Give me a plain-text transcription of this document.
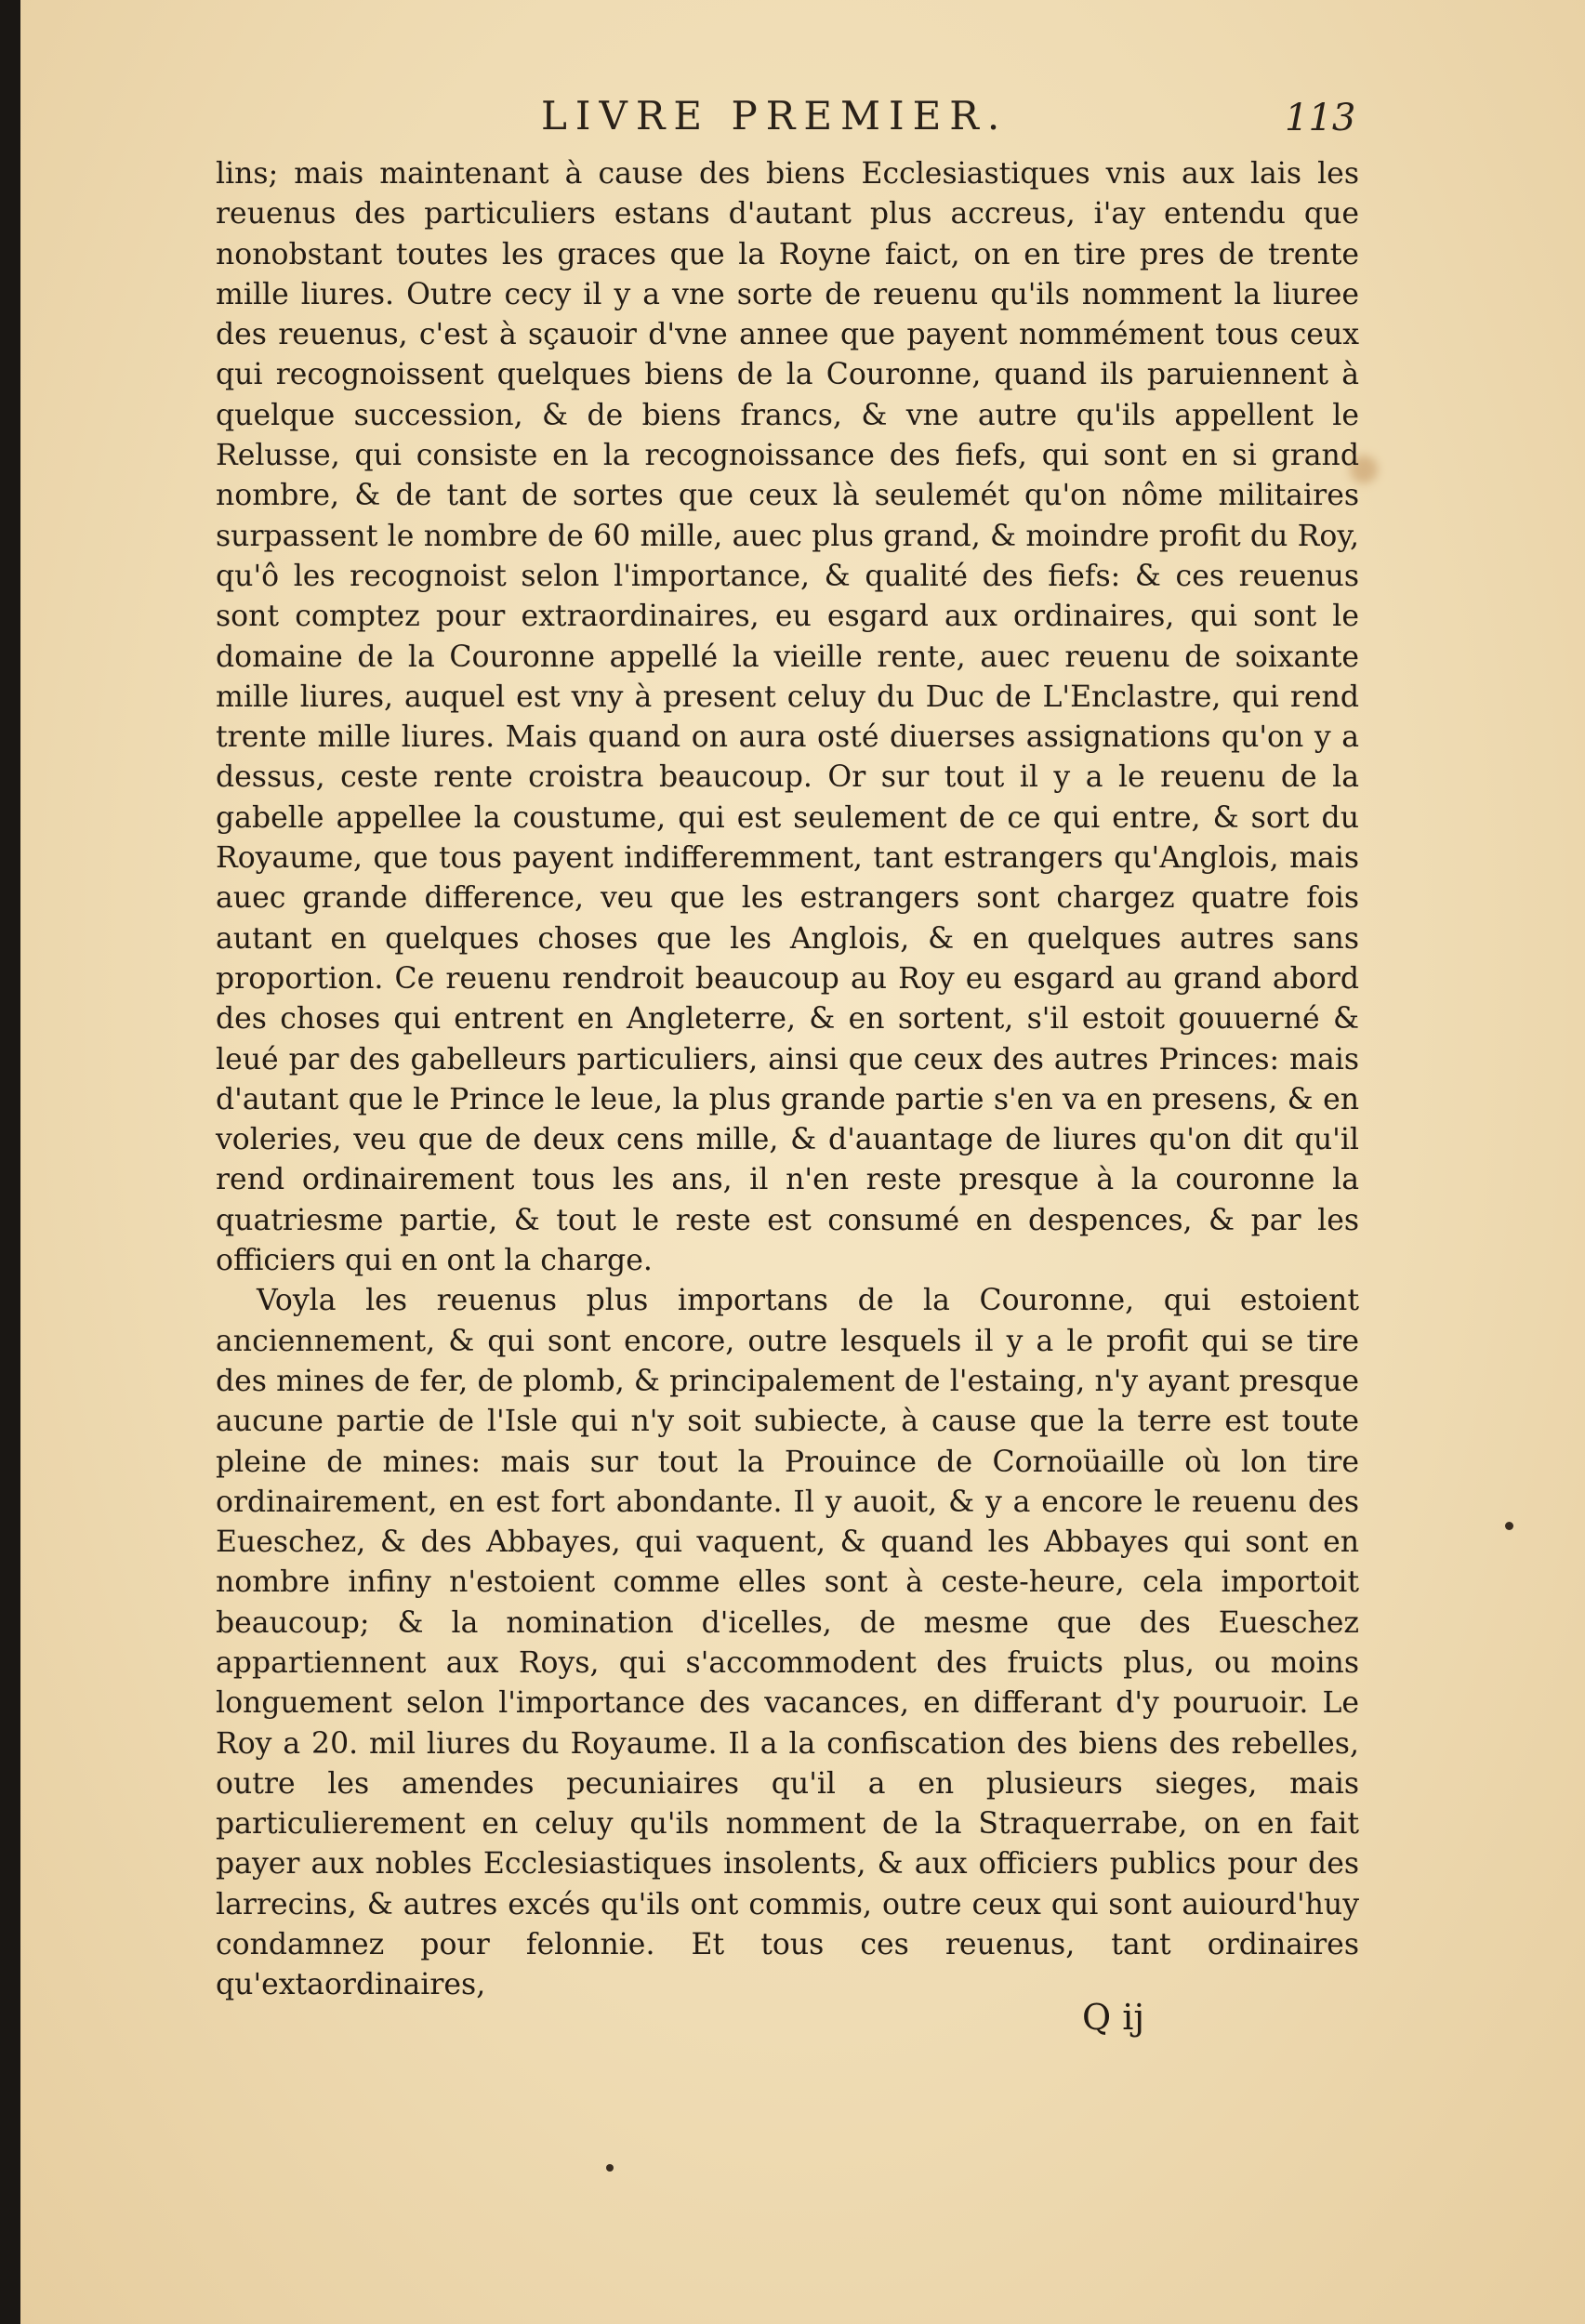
LIVRE PREMIER.	113

lins; mais maintenant à cause des biens Ecclesiastiques vnis aux lais les reuenus des particuliers estans d'autant plus accreus, i'ay entendu que nonobstant toutes les graces que la Royne faict, on en tire pres de trente mille liures. Outre cecy il y a vne sorte de reuenu qu'ils nomment la liuree des reuenus, c'est à sçauoir d'vne annee que payent nommément tous ceux qui recognoissent quelques biens de la Couronne, quand ils paruiennent à quelque succession, & de biens francs, & vne autre qu'ils appellent le Relusse, qui consiste en la recognoissance des fiefs, qui sont en si grand nombre, & de tant de sortes que ceux là seulemét qu'on nôme militaires surpassent le nombre de 60 mille, auec plus grand, & moindre profit du Roy, qu'ô les recognoist selon l'importance, & qualité des fiefs: & ces reuenus sont comptez pour extraordinaires, eu esgard aux ordinaires, qui sont le domaine de la Couronne appellé la vieille rente, auec reuenu de soixante mille liures, auquel est vny à present celuy du Duc de L'Enclastre, qui rend trente mille liures. Mais quand on aura osté diuerses assignations qu'on y a dessus, ceste rente croistra beaucoup. Or sur tout il y a le reuenu de la gabelle appellee la coustume, qui est seulement de ce qui entre, & sort du Royaume, que tous payent indifferemment, tant estrangers qu'Anglois, mais auec grande difference, veu que les estrangers sont chargez quatre fois autant en quelques choses que les Anglois, & en quelques autres sans proportion. Ce reuenu rendroit beaucoup au Roy eu esgard au grand abord des choses qui entrent en Angleterre, & en sortent, s'il estoit gouuerné & leué par des gabelleurs particuliers, ainsi que ceux des autres Princes: mais d'autant que le Prince le leue, la plus grande partie s'en va en presens, & en voleries, veu que de deux cens mille, & d'auantage de liures qu'on dit qu'il rend ordinairement tous les ans, il n'en reste presque à la couronne la quatriesme partie, & tout le reste est consumé en despences, & par les officiers qui en ont la charge.

Voyla les reuenus plus importans de la Couronne, qui estoient anciennement, & qui sont encore, outre lesquels il y a le profit qui se tire des mines de fer, de plomb, & principalement de l'estaing, n'y ayant presque aucune partie de l'Isle qui n'y soit subiecte, à cause que la terre est toute pleine de mines: mais sur tout la Prouince de Cornoüaille où lon tire ordinairement, en est fort abondante. Il y auoit, & y a encore le reuenu des Eueschez, & des Abbayes, qui vaquent, & quand les Abbayes qui sont en nombre infiny n'estoient comme elles sont à ceste-heure, cela importoit beaucoup; & la nomination d'icelles, de mesme que des Eueschez appartiennent aux Roys, qui s'accommodent des fruicts plus, ou moins longuement selon l'importance des vacances, en differant d'y pouruoir. Le Roy a 20. mil liures du Royaume. Il a la confiscation des biens des rebelles, outre les amendes pecuniaires qu'il a en plusieurs sieges, mais particulierement en celuy qu'ils nomment de la Straquerrabe, on en fait payer aux nobles Ecclesiastiques insolents, & aux officiers publics pour des larrecins, & autres excés qu'ils ont commis, outre ceux qui sont auiourd'huy condamnez pour felonnie. Et tous ces reuenus, tant ordinaires qu'extaordinaires,

Q ij
